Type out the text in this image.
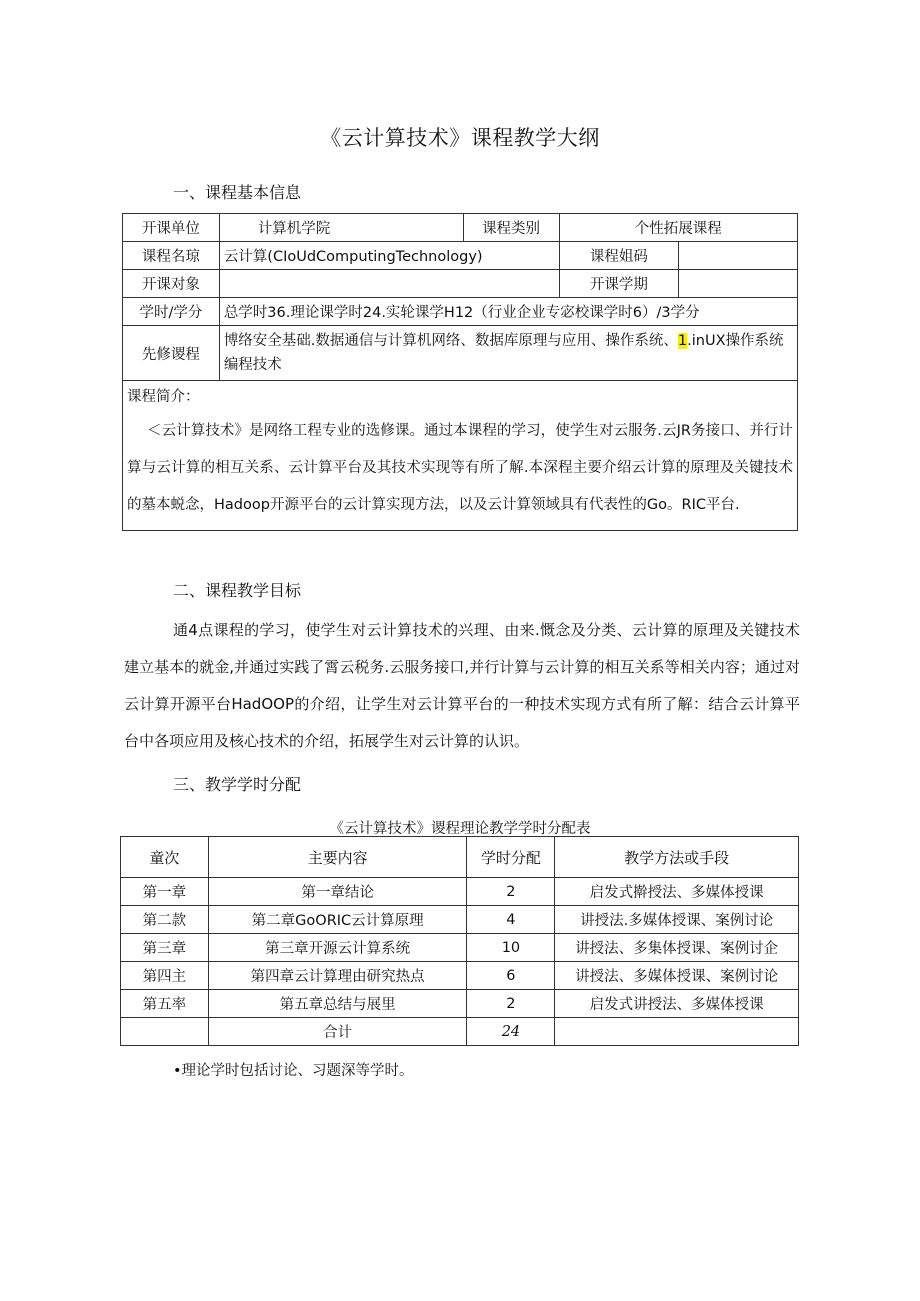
《云计算技术》课程教学大纲
一、课程基本信息
开课单位	计算机学院	课程类别	个性拓展课程	
课程名琼	云计算(CIoUdComputingTechnology)		课程姐码	
开课对象			开课学期	
学时/学分	总学时36.理论课学时24.实轮课学H12（行业企业专宓校课学时6）/3学分			
先修谡程	博络安全基础.数据通信与计算机网络、数据库原理与应用、操作系统、1.inUX操作系统编程技术			

课程简介：
＜云计算技术》是网络工程专业的选修课。通过本课程的学习，使学生对云服务.云JR务接口、并行计算与云计算的相互关系、云计算平台及其技术实现等有所了解.本深程主要介绍云计算的原理及关键技术的墓本蜕念，Hadoop开源平台的云计算实现方法，以及云计算领域具有代表性的Go。RIC平台.				
二、课程教学目标
通4点课程的学习，使学生对云计算技术的兴理、由来.慨念及分类、云计算的原理及关键技术建立基本的就金,并通过实践了霄云税务.云服务接口,并行计算与云计算的相互关系等相关内容；通过对云计算开源平台HadOOP的介绍，让学生对云计算平台的一种技术实现方式有所了解：结合云计算平台中各项应用及核心技术的介绍，拓展学生对云计算的认识。
三、教学学时分配
《云计算技术》谡程理论教学学时分配表
童次	主要内容	学时分配	教学方法或手段
第一章	第一章结论	2	启发式擀授法、多媒体授课
第二款	第二章GoORIC云计算原理	4	讲授法.多媒体授课、案例讨论
第三章	第三章开源云计算系统	10	讲授法、多集体授课、案例讨企
第四主	第四章云计算理由研究热点	6	讲授法、多媒体授课、案例讨论
第五率	第五章总结与展里	2	启发式讲授法、多媒体授课
	合计	24	
•理论学时包括讨论、习题深等学时。
